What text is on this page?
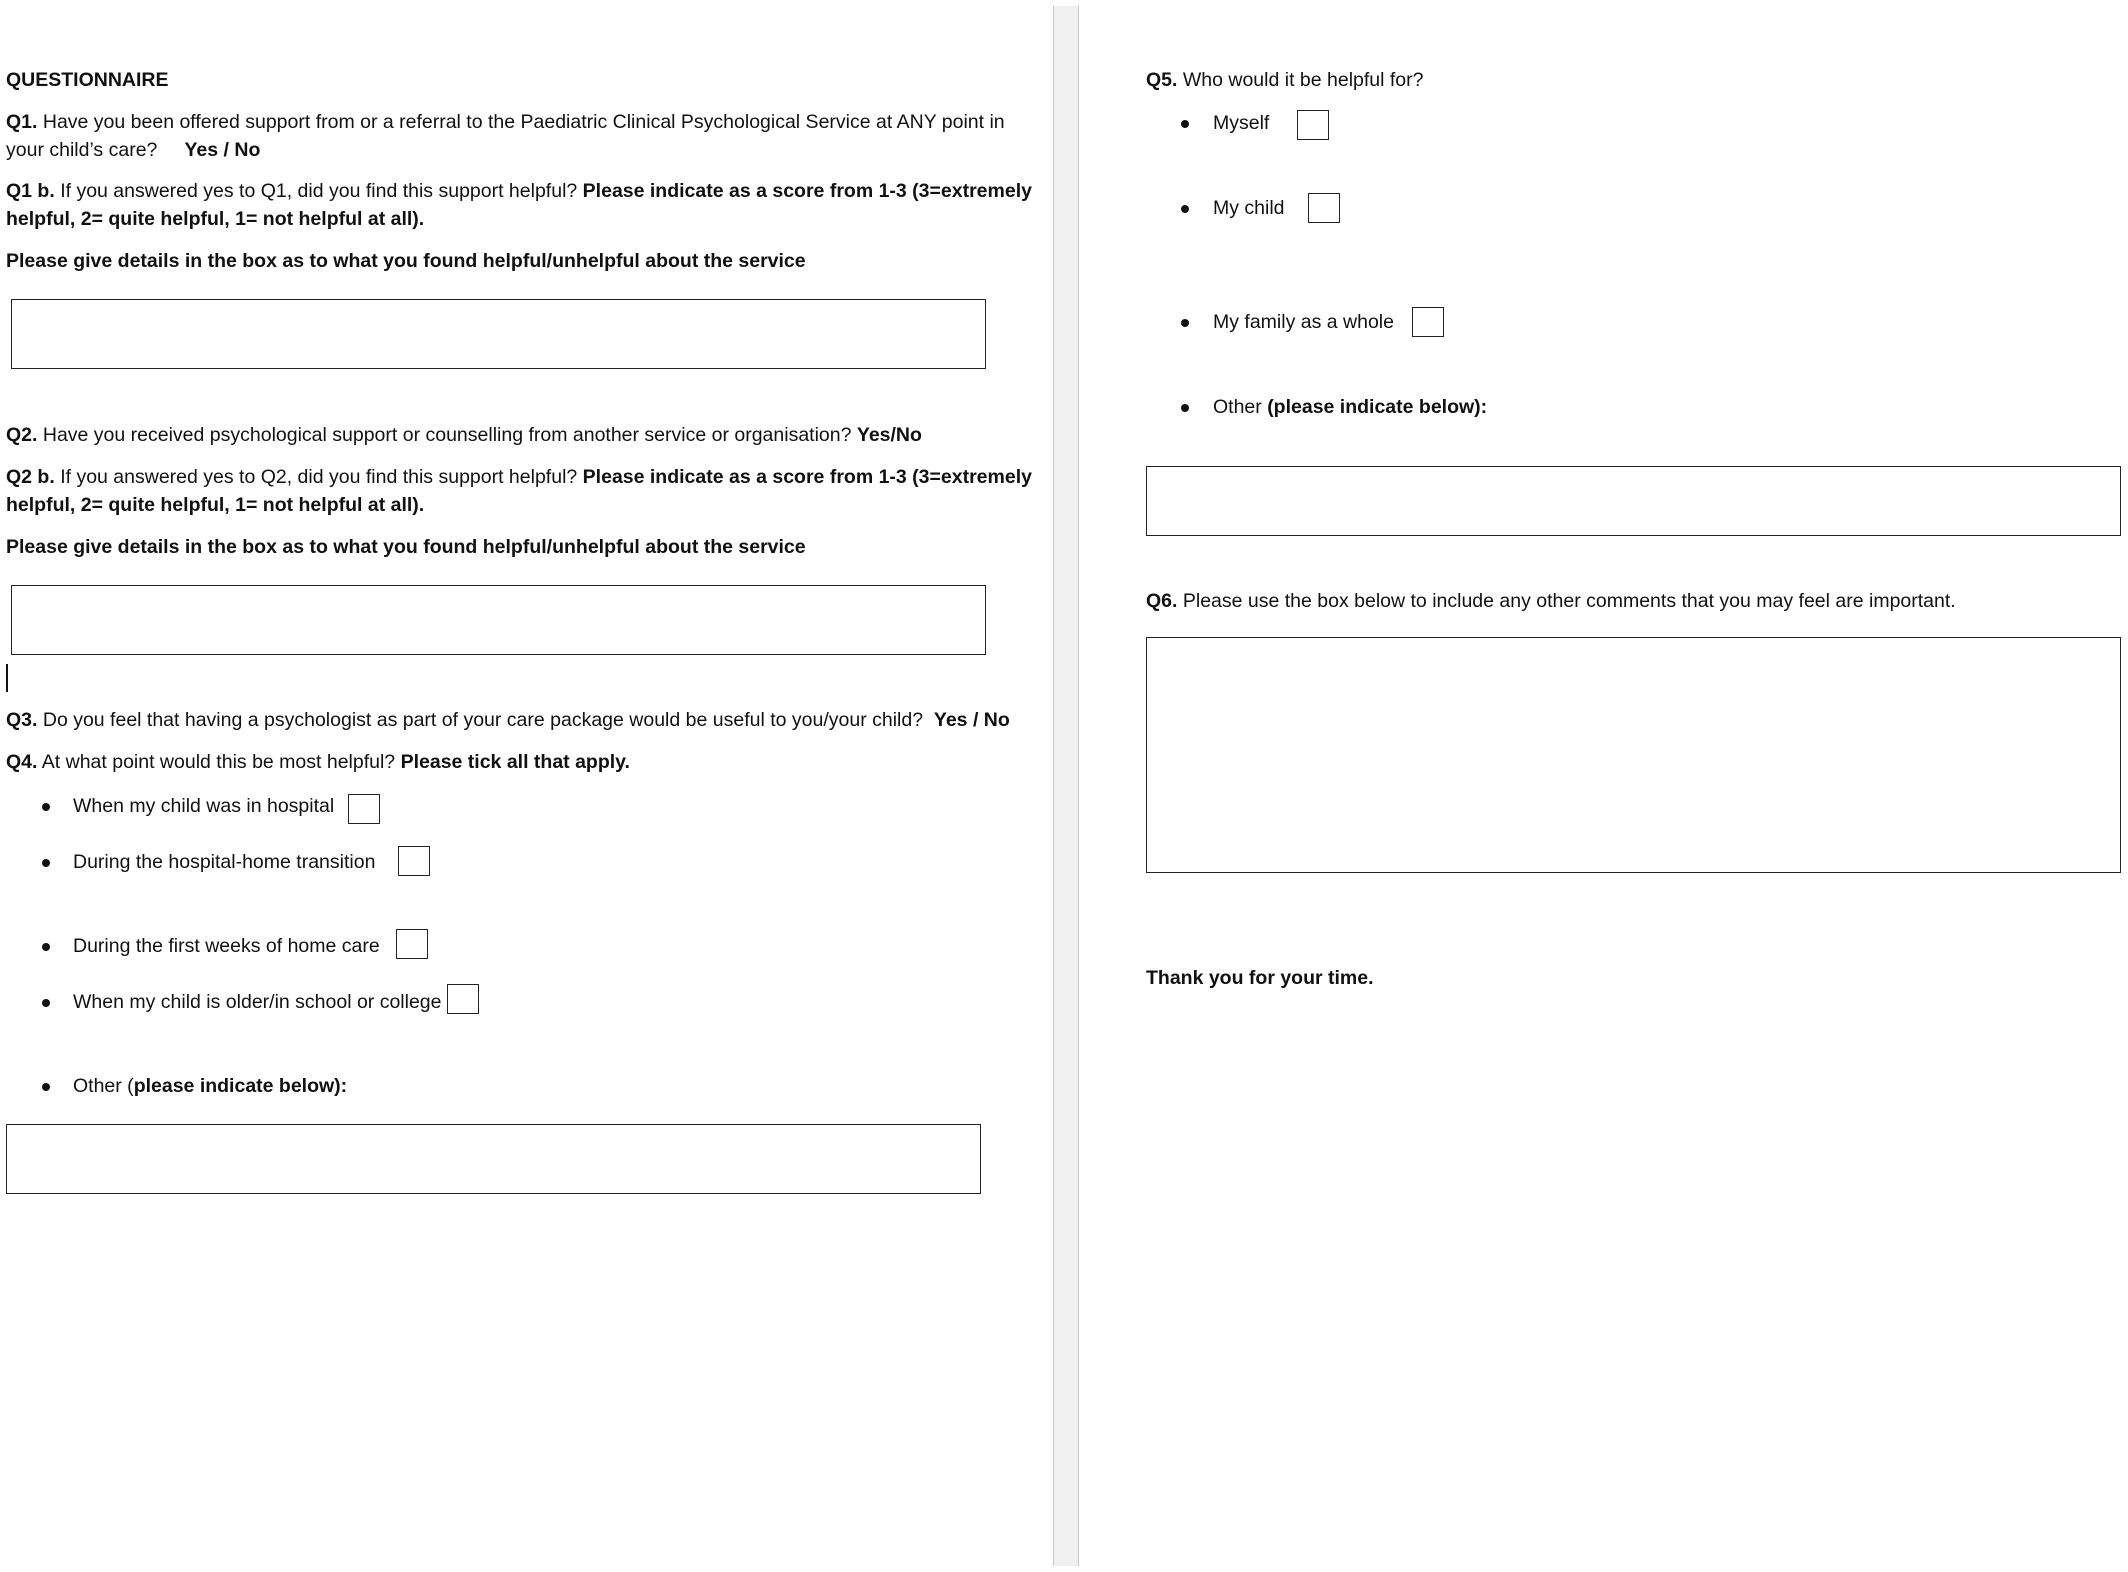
QUESTIONNAIRE
Q1. Have you been offered support from or a referral to the Paediatric Clinical Psychological Service at ANY point in
your child’s care? Yes / No
Q1 b. If you answered yes to Q1, did you find this support helpful? Please indicate as a score from 1-3 (3=extremely
helpful, 2= quite helpful, 1= not helpful at all).
Please give details in the box as to what you found helpful/unhelpful about the service
Q2. Have you received psychological support or counselling from another service or organisation? Yes/No
Q2 b. If you answered yes to Q2, did you find this support helpful? Please indicate as a score from 1-3 (3=extremely
helpful, 2= quite helpful, 1= not helpful at all).
Please give details in the box as to what you found helpful/unhelpful about the service
Q3. Do you feel that having a psychologist as part of your care package would be useful to you/your child? Yes / No
Q4. At what point would this be most helpful? Please tick all that apply.
When my child was in hospital
During the hospital-home transition
During the first weeks of home care
When my child is older/in school or college
Other (please indicate below):
Q5. Who would it be helpful for?
Myself
My child
My family as a whole
Other (please indicate below):
Q6. Please use the box below to include any other comments that you may feel are important.
Thank you for your time.
